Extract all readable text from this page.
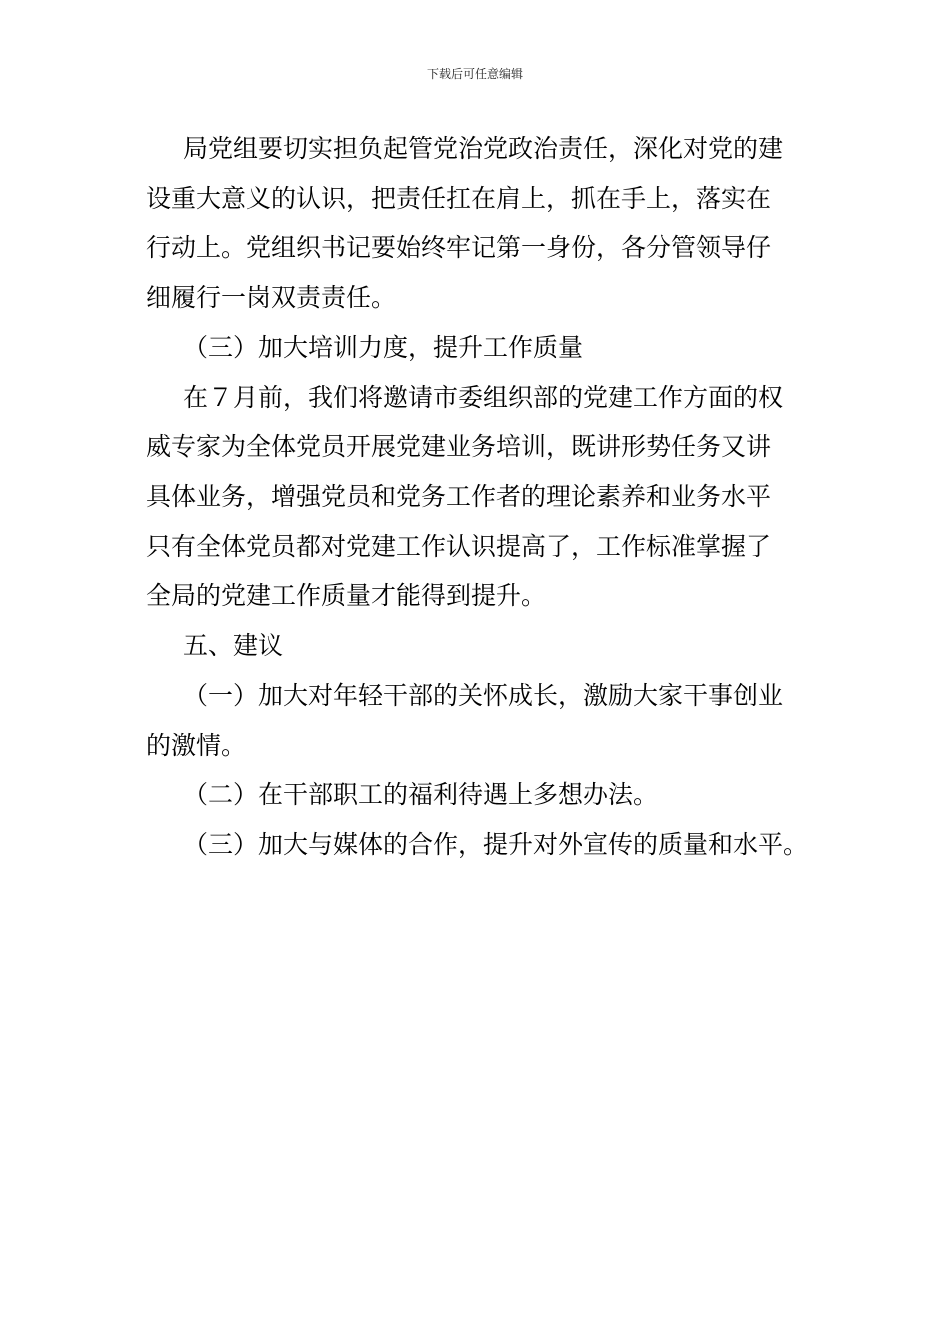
下载后可任意编辑
局党组要切实担负起管党治党政治责任，深化对党的建
设重大意义的认识，把责任扛在肩上，抓在手上，落实在
行动上。党组织书记要始终牢记第一身份，各分管领导仔
细履行一岗双责责任。
（三）加大培训力度，提升工作质量
在７月前，我们将邀请市委组织部的党建工作方面的权
威专家为全体党员开展党建业务培训，既讲形势任务又讲
具体业务，增强党员和党务工作者的理论素养和业务水平
只有全体党员都对党建工作认识提高了，工作标准掌握了
全局的党建工作质量才能得到提升。
五、建议
（一）加大对年轻干部的关怀成长，激励大家干事创业
的激情。
（二）在干部职工的福利待遇上多想办法。
（三）加大与媒体的合作，提升对外宣传的质量和水平。
